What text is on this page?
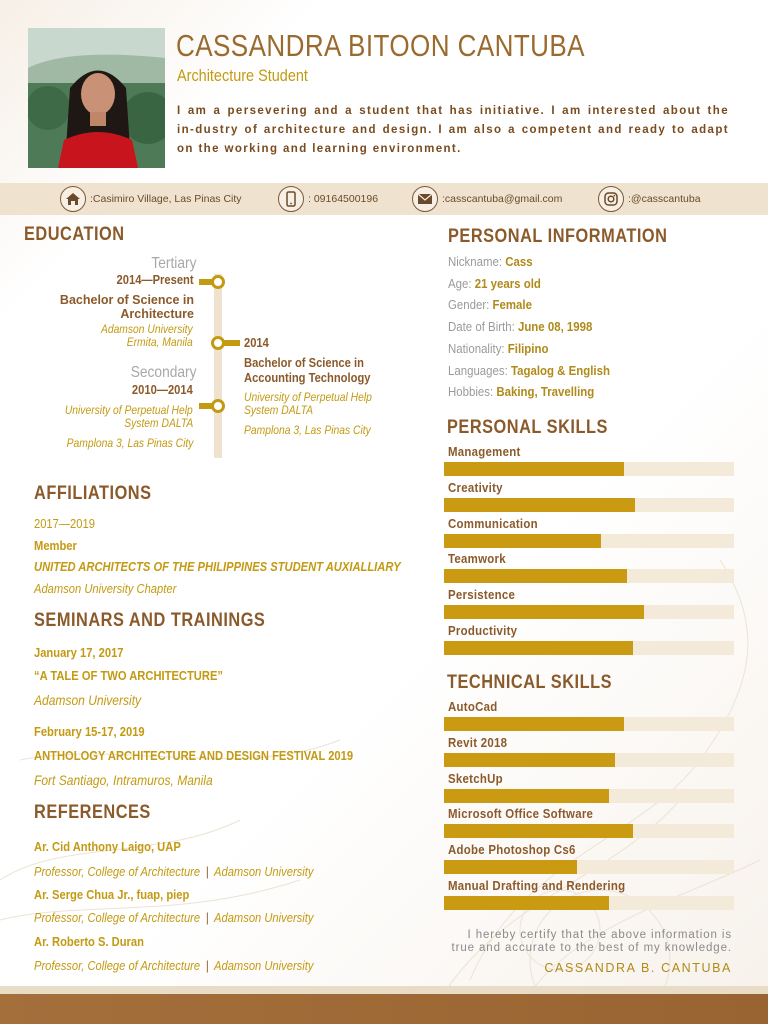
CASSANDRA BITOON CANTUBA
Architecture Student
I am a persevering and a student that has initiative. I am interested about the in-dustry of architecture and design. I am also a competent and ready to adapt on the working and learning environment.
:Casimiro Village, Las Pinas City	: 09164500196	:casscantuba@gmail.com	:@casscantuba
EDUCATION
Tertiary
2014—Present
Bachelor of Science in Architecture
Adamson University
Ermita, Manila	2014
Bachelor of Science in
Accounting Technology
University of Perpetual Help
System DALTA
Pamplona 3, Las Pinas City
Secondary
2010—2014
University of Perpetual Help
System DALTA
Pamplona 3, Las Pinas City
AFFILIATIONS
2017—2019
Member
UNITED ARCHITECTS OF THE PHILIPPINES STUDENT AUXIALLIARY
Adamson University Chapter
SEMINARS AND TRAININGS
January 17, 2017
“A TALE OF TWO ARCHITECTURE”
Adamson University
February 15-17, 2019
ANTHOLOGY ARCHITECTURE AND DESIGN FESTIVAL 2019
Fort Santiago, Intramuros, Manila
REFERENCES
Ar. Cid Anthony Laigo, UAP
Professor, College of Architecture | Adamson University
Ar. Serge Chua Jr., fuap, piep
Professor, College of Architecture | Adamson University
Ar. Roberto S. Duran
Professor, College of Architecture | Adamson University
PERSONAL INFORMATION
Nickname: Cass
Age: 21 years old
Gender: Female
Date of Birth: June 08, 1998
Nationality: Filipino
Languages: Tagalog & English
Hobbies: Baking, Travelling
PERSONAL SKILLS
Management
Creativity
Communication
Teamwork
Persistence
Productivity
TECHNICAL SKILLS
AutoCad
Revit 2018
SketchUp
Microsoft Office Software
Adobe Photoshop Cs6
Manual Drafting and Rendering
I hereby certify that the above information is
true and accurate to the best of my knowledge.
CASSANDRA B. CANTUBA
